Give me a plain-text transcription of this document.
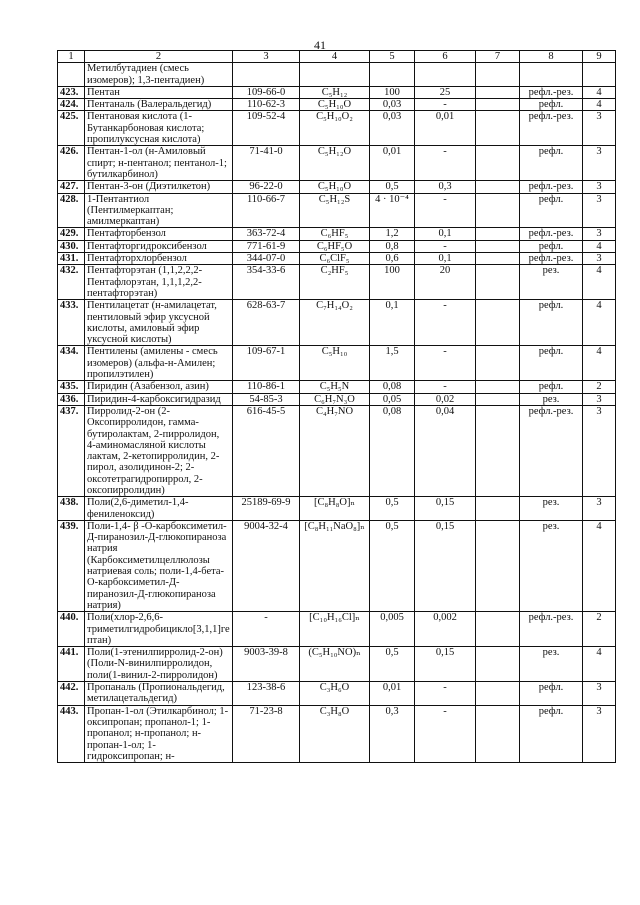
41
1	2	3	4	5	6	7	8	9
	Метилбутадиен (смесь изомеров); 1,3-пентадиен)							
423.	Пентан	109-66-0	C₅H₁₂	100	25		рефл.-рез.	4
424.	Пентаналь (Валеральдегид)	110-62-3	C₅H₁₀O	0,03	-		рефл.	4
425.	Пентановая кислота (1-Бутанкарбоновая кислота; пропилуксусная кислота)	109-52-4	C₅H₁₀O₂	0,03	0,01		рефл.-рез.	3
426.	Пентан-1-ол (н-Амиловый спирт; н-пентанол; пентанол-1; бутилкарбинол)	71-41-0	C₅H₁₂O	0,01	-		рефл.	3
427.	Пентан-3-он (Диэтилкетон)	96-22-0	C₅H₁₀O	0,5	0,3		рефл.-рез.	3
428.	1-Пентантиол (Пентилмеркаптан; амилмеркаптан)	110-66-7	C₅H₁₂S	4 · 10⁻⁴	-		рефл.	3
429.	Пентафторбензол	363-72-4	C₆HF₅	1,2	0,1		рефл.-рез.	3
430.	Пентафторгидроксибензол	771-61-9	C₆HF₅O	0,8	-		рефл.	4
431.	Пентафторхлорбензол	344-07-0	C₆ClF₅	0,6	0,1		рефл.-рез.	3
432.	Пентафторэтан (1,1,2,2,2-Пентафлорэтан, 1,1,1,2,2-пентафторэтан)	354-33-6	C₂HF₅	100	20		рез.	4
433.	Пентилацетат (н-амилацетат, пентиловый эфир уксусной кислоты, амиловый эфир уксусной кислоты)	628-63-7	C₇H₁₄O₂	0,1	-		рефл.	4
434.	Пентилены (амилены - смесь изомеров) (альфа-н-Амилен; пропилэтилен)	109-67-1	C₅H₁₀	1,5	-		рефл.	4
435.	Пиридин (Азабензол, азин)	110-86-1	C₅H₅N	0,08	-		рефл.	2
436.	Пиридин-4-карбоксигидразид	54-85-3	C₆H₇N₃O	0,05	0,02		рез.	3
437.	Пирролид-2-он (2-Оксопирролидон, гамма-бутиролактам, 2-пирролидон, 4-аминомасляной кислоты лактам, 2-кетопирролидин, 2-пирол, азолидинон-2; 2-оксотетрагидропиррол, 2-оксопирролидин)	616-45-5	C₄H₇NO	0,08	0,04		рефл.-рез.	3
438.	Поли(2,6-диметил-1,4-фениленоксид)	25189-69-9	[C₈H₈O]ₙ	0,5	0,15		рез.	3
439.	Поли-1,4- β -О-карбоксиметил-Д-пиранозил-Д-глюкопираноза натрия (Карбоксиметилцеллюлозы натриевая соль; поли-1,4-бета-О-карбоксиметил-Д-пиранозил-Д-глюкопираноза натрия)	9004-32-4	[C₈H₁₁NaO₈]ₙ	0,5	0,15		рез.	4
440.	Поли(хлор-2,6,6-триметилгидробицикло[3,1,1]гептан)	-	[C₁₀H₁₆Cl]ₙ	0,005	0,002		рефл.-рез.	2
441.	Поли(1-этенилпирролид-2-он) (Поли-N-винилпирролидон, поли(1-винил-2-пирролидон)	9003-39-8	(C₅H₁₀NO)ₙ	0,5	0,15		рез.	4
442.	Пропаналь (Пропиональдегид, метилацетальдегид)	123-38-6	C₃H₆O	0,01	-		рефл.	3
443.	Пропан-1-ол (Этилкарбинол; 1-оксипропан; пропанол-1; 1-пропанол; н-пропанол; н-пропан-1-ол; 1-гидроксипропан; н-	71-23-8	C₃H₈O	0,3	-		рефл.	3
